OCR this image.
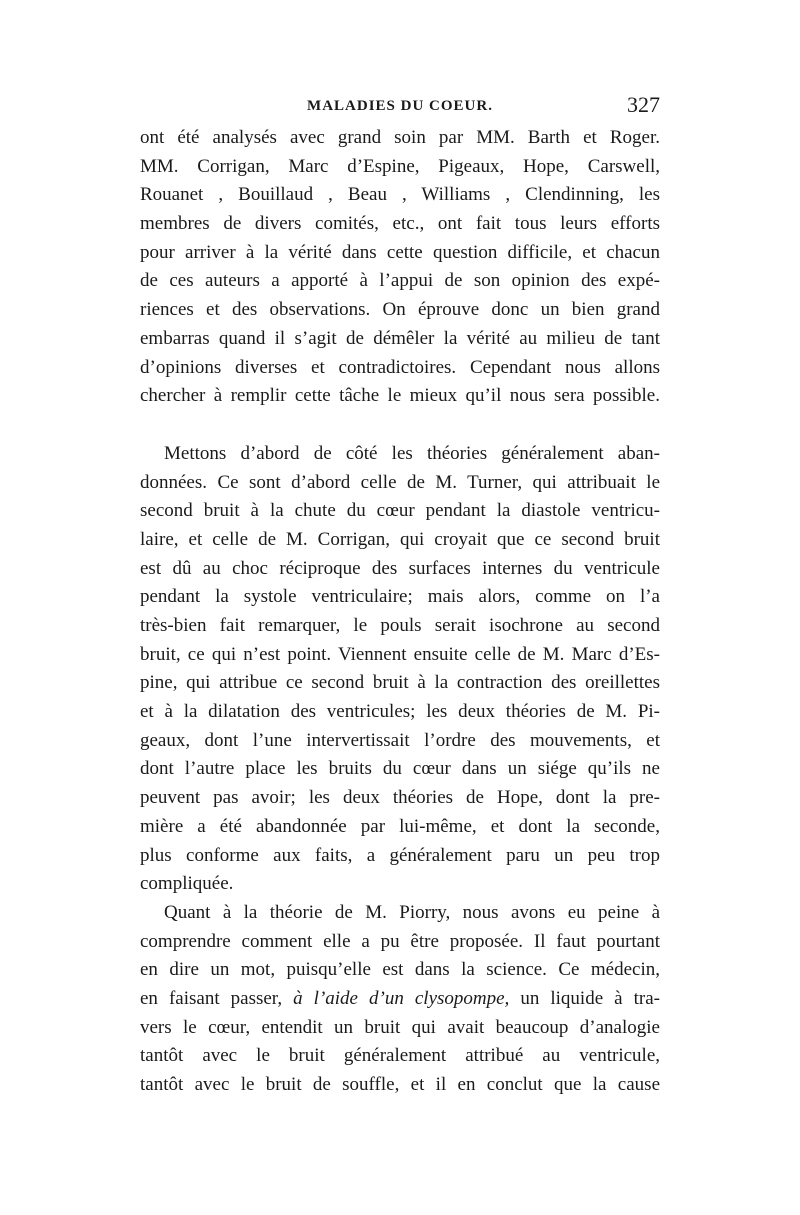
MALADIES DU COEUR.	327
ont été analysés avec grand soin par MM. Barth et Roger.
MM. Corrigan, Marc d’Espine, Pigeaux, Hope, Carswell,
Rouanet , Bouillaud , Beau , Williams , Clendinning, les
membres de divers comités, etc., ont fait tous leurs efforts
pour arriver à la vérité dans cette question difficile, et chacun
de ces auteurs a apporté à l’appui de son opinion des expé-
riences et des observations. On éprouve donc un bien grand
embarras quand il s’agit de démêler la vérité au milieu de tant
d’opinions diverses et contradictoires. Cependant nous allons
chercher à remplir cette tâche le mieux qu’il nous sera possible.
Mettons d’abord de côté les théories généralement aban-
données. Ce sont d’abord celle de M. Turner, qui attribuait le
second bruit à la chute du cœur pendant la diastole ventricu-
laire, et celle de M. Corrigan, qui croyait que ce second bruit
est dû au choc réciproque des surfaces internes du ventricule
pendant la systole ventriculaire; mais alors, comme on l’a
très-bien fait remarquer, le pouls serait isochrone au second
bruit, ce qui n’est point. Viennent ensuite celle de M. Marc d’Es-
pine, qui attribue ce second bruit à la contraction des oreillettes
et à la dilatation des ventricules; les deux théories de M. Pi-
geaux, dont l’une intervertissait l’ordre des mouvements, et
dont l’autre place les bruits du cœur dans un siége qu’ils ne
peuvent pas avoir; les deux théories de Hope, dont la pre-
mière a été abandonnée par lui-même, et dont la seconde,
plus conforme aux faits, a généralement paru un peu trop
compliquée.
Quant à la théorie de M. Piorry, nous avons eu peine à
comprendre comment elle a pu être proposée. Il faut pourtant
en dire un mot, puisqu’elle est dans la science. Ce médecin,
en faisant passer, à l’aide d’un clysopompe, un liquide à tra-
vers le cœur, entendit un bruit qui avait beaucoup d’analogie
tantôt avec le bruit généralement attribué au ventricule,
tantôt avec le bruit de souffle, et il en conclut que la cause
